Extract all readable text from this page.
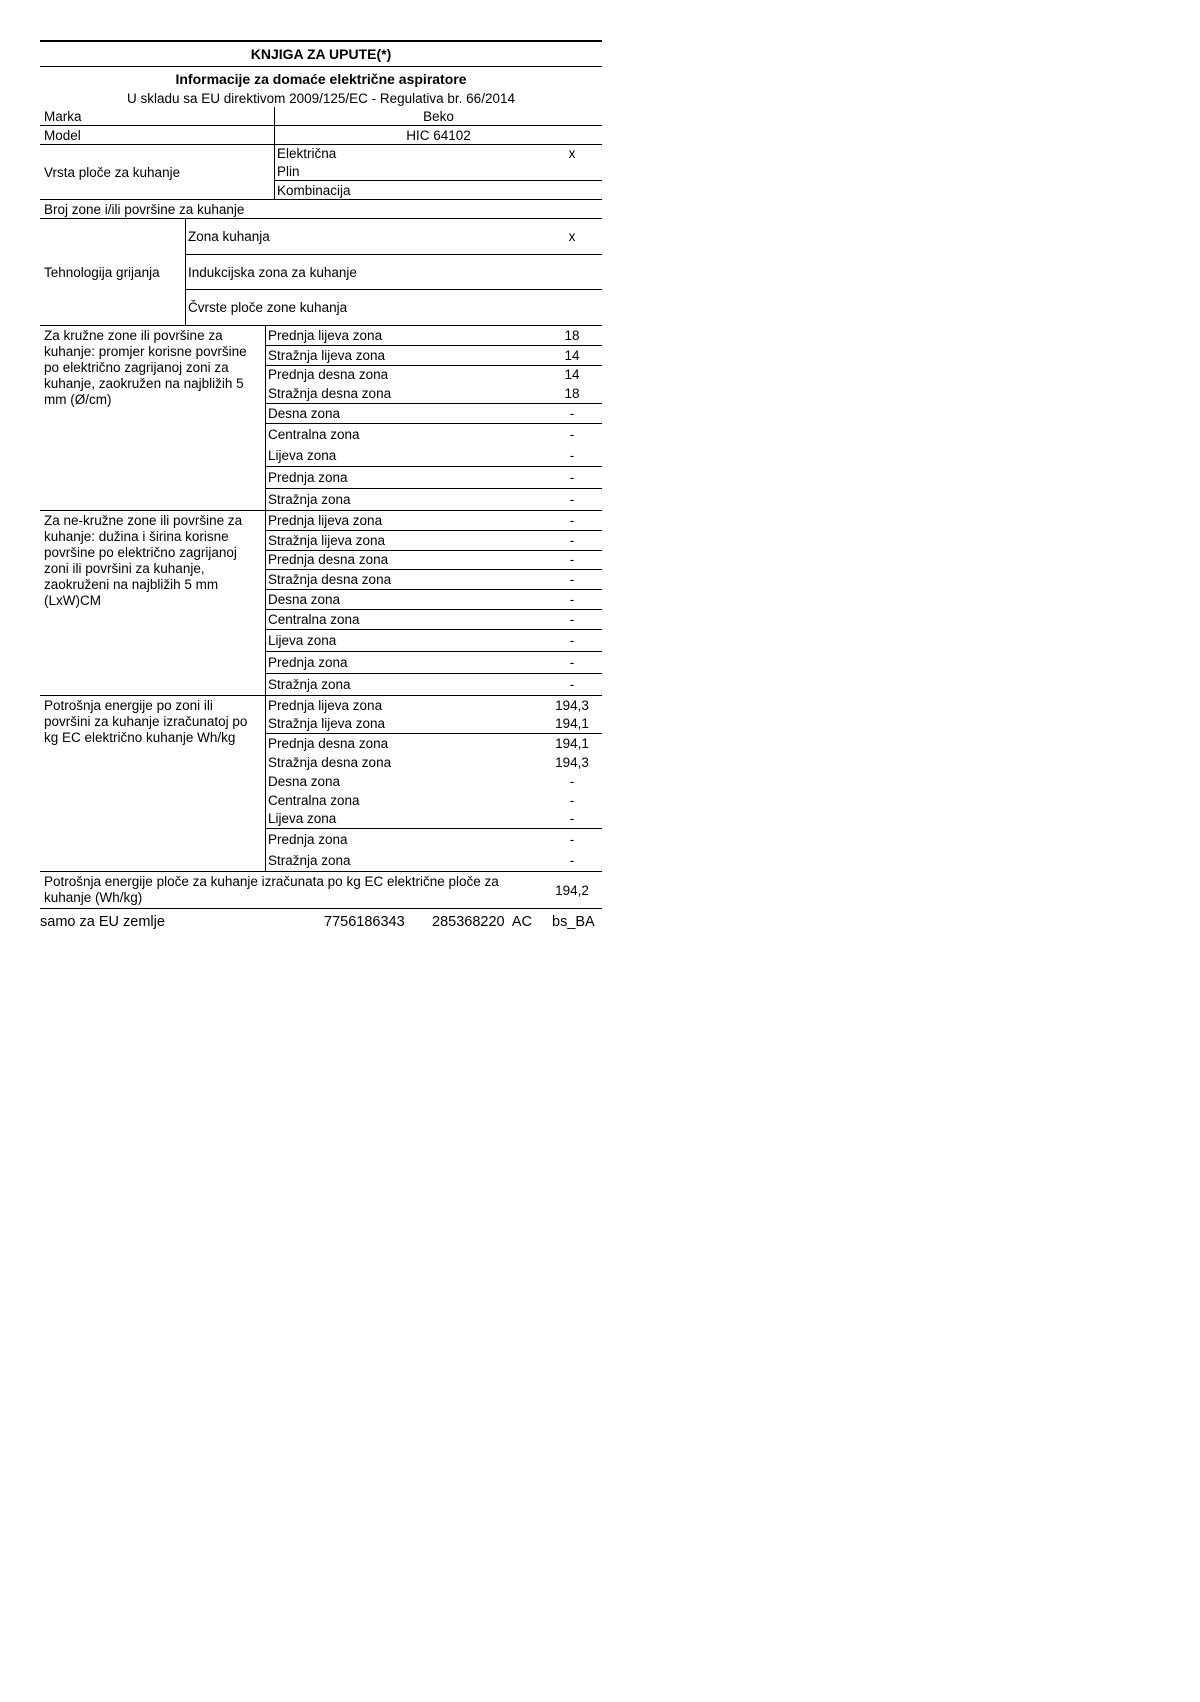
KNJIGA ZA UPUTE(*)
Informacije za domaće električne aspiratore
U skladu sa EU direktivom 2009/125/EC - Regulativa br. 66/2014
Marka	Beko
Model	HIC 64102
Vrsta ploče za kuhanje
Električna	x
Plin
Kombinacija
Broj zone i/ili površine za kuhanje
Tehnologija grijanja
Zona kuhanja	x
Indukcijska zona za kuhanje
Čvrste ploče zone kuhanja
Za kružne zone ili površine za kuhanje: promjer korisne površine po električno zagrijanoj zoni za kuhanje, zaokružen na najbližih 5 mm (Ø/cm)
Prednja lijeva zona	18
Stražnja lijeva zona	14
Prednja desna zona	14
Stražnja desna zona	18
Desna zona	-
Centralna zona	-
Lijeva zona	-
Prednja zona	-
Stražnja zona	-
Za ne-kružne zone ili površine za kuhanje: dužina i širina korisne površine po električno zagrijanoj zoni ili površini za kuhanje, zaokruženi na najbližih 5 mm (LxW)CM
Prednja lijeva zona	-
Stražnja lijeva zona	-
Prednja desna zona	-
Stražnja desna zona	-
Desna zona	-
Centralna zona	-
Lijeva zona	-
Prednja zona	-
Stražnja zona	-
Potrošnja energije po zoni ili površini za kuhanje izračunatoj po kg EC električno kuhanje Wh/kg
Prednja lijeva zona	194,3
Stražnja lijeva zona	194,1
Prednja desna zona	194,1
Stražnja desna zona	194,3
Desna zona	-
Centralna zona	-
Lijeva zona	-
Prednja zona	-
Stražnja zona	-
Potrošnja energije ploče za kuhanje izračunata po kg EC električne ploče za kuhanje (Wh/kg)	194,2
samo za EU zemlje	7756186343	285368220  AC	bs_BA
